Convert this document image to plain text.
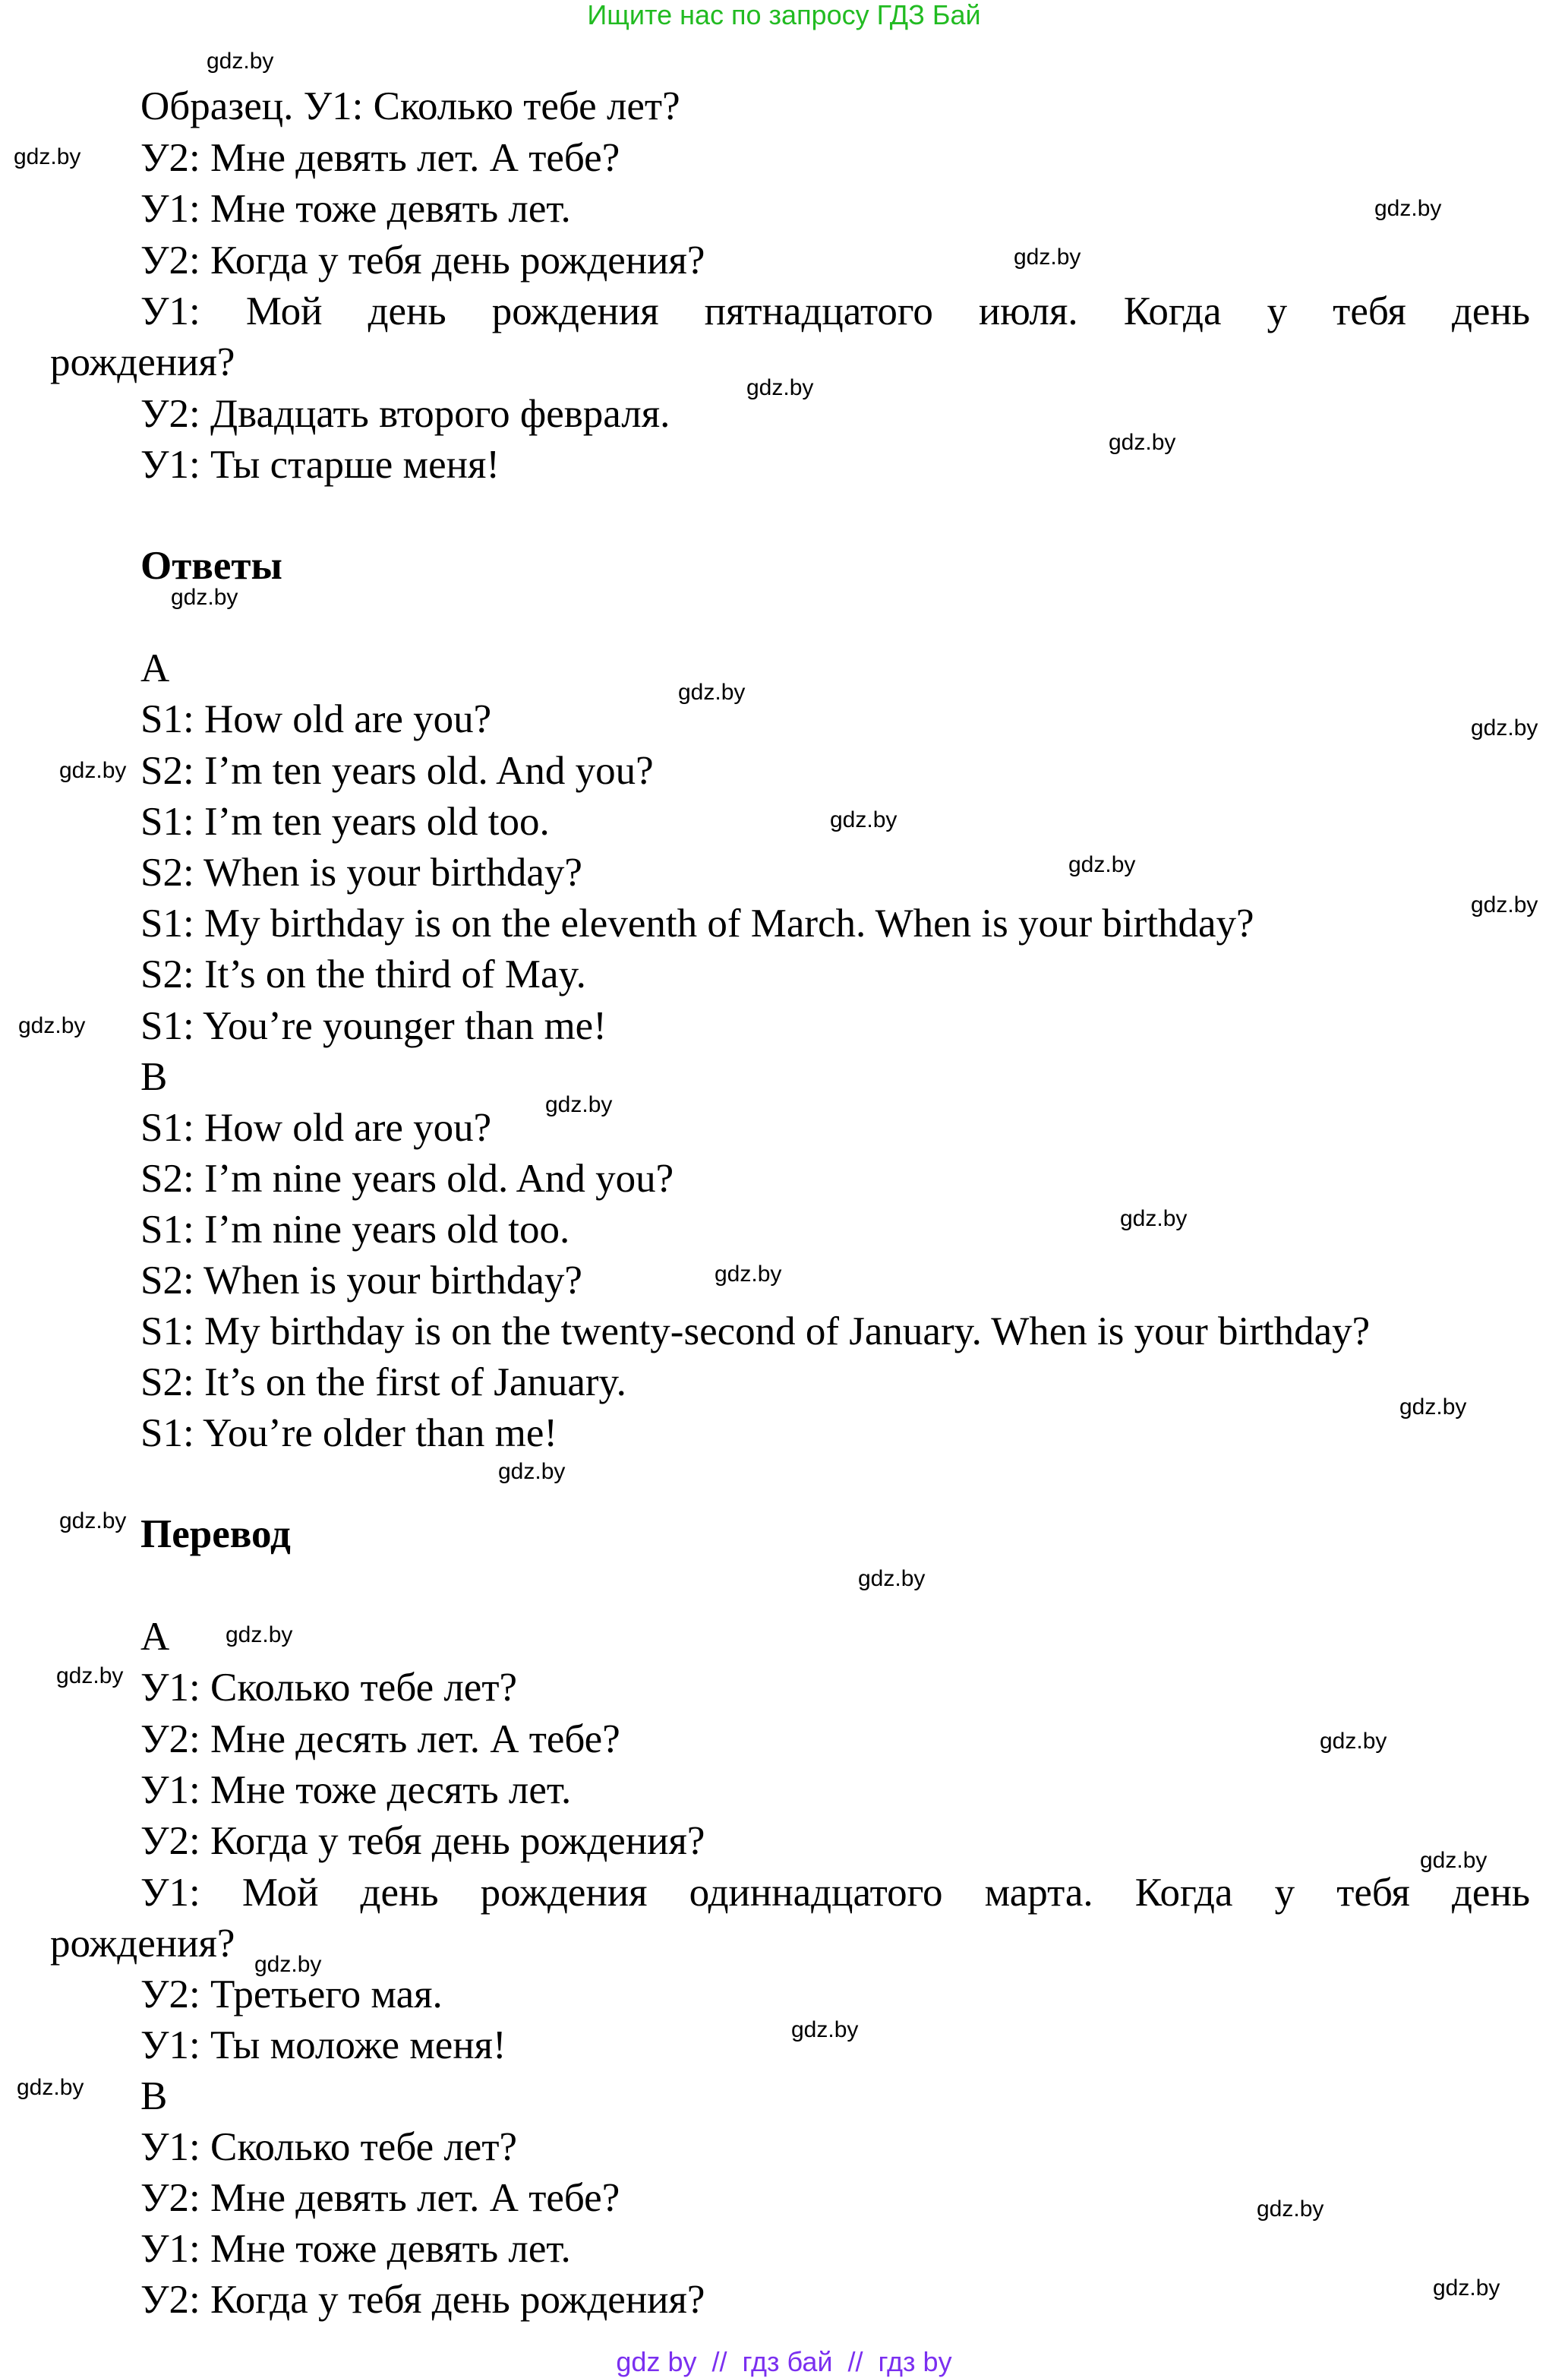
Ищите нас по запросу ГДЗ Бай
Образец. У1: Сколько тебе лет?
У2: Мне девять лет. А тебе?
У1: Мне тоже девять лет.
У2: Когда у тебя день рождения?
У1: Мой день рождения пятнадцатого июля. Когда у тебя день
рождения?
У2: Двадцать второго февраля.
У1: Ты старше меня!
Ответы
A
S1: How old are you?
S2: I’m ten years old. And you?
S1: I’m ten years old too.
S2: When is your birthday?
S1: My birthday is on the eleventh of March. When is your birthday?
S2: It’s on the third of May.
S1: You’re younger than me!
B
S1: How old are you?
S2: I’m nine years old. And you?
S1: I’m nine years old too.
S2: When is your birthday?
S1: My birthday is on the twenty-second of January. When is your birthday?
S2: It’s on the first of January.
S1: You’re older than me!
Перевод
А
У1: Сколько тебе лет?
У2: Мне десять лет. А тебе?
У1: Мне тоже десять лет.
У2: Когда у тебя день рождения?
У1: Мой день рождения одиннадцатого марта. Когда у тебя день
рождения?
У2: Третьего мая.
У1: Ты моложе меня!
В
У1: Сколько тебе лет?
У2: Мне девять лет. А тебе?
У1: Мне тоже девять лет.
У2: Когда у тебя день рождения?
gdz.by
gdz.by
gdz.by
gdz.by
gdz.by
gdz.by
gdz.by
gdz.by
gdz.by
gdz.by
gdz.by
gdz.by
gdz.by
gdz.by
gdz.by
gdz.by
gdz.by
gdz.by
gdz.by
gdz.by
gdz.by
gdz.by
gdz.by
gdz.by
gdz.by
gdz.by
gdz.by
gdz.by
gdz.by
gdz.by
gdz by // гдз бай // гдз by
